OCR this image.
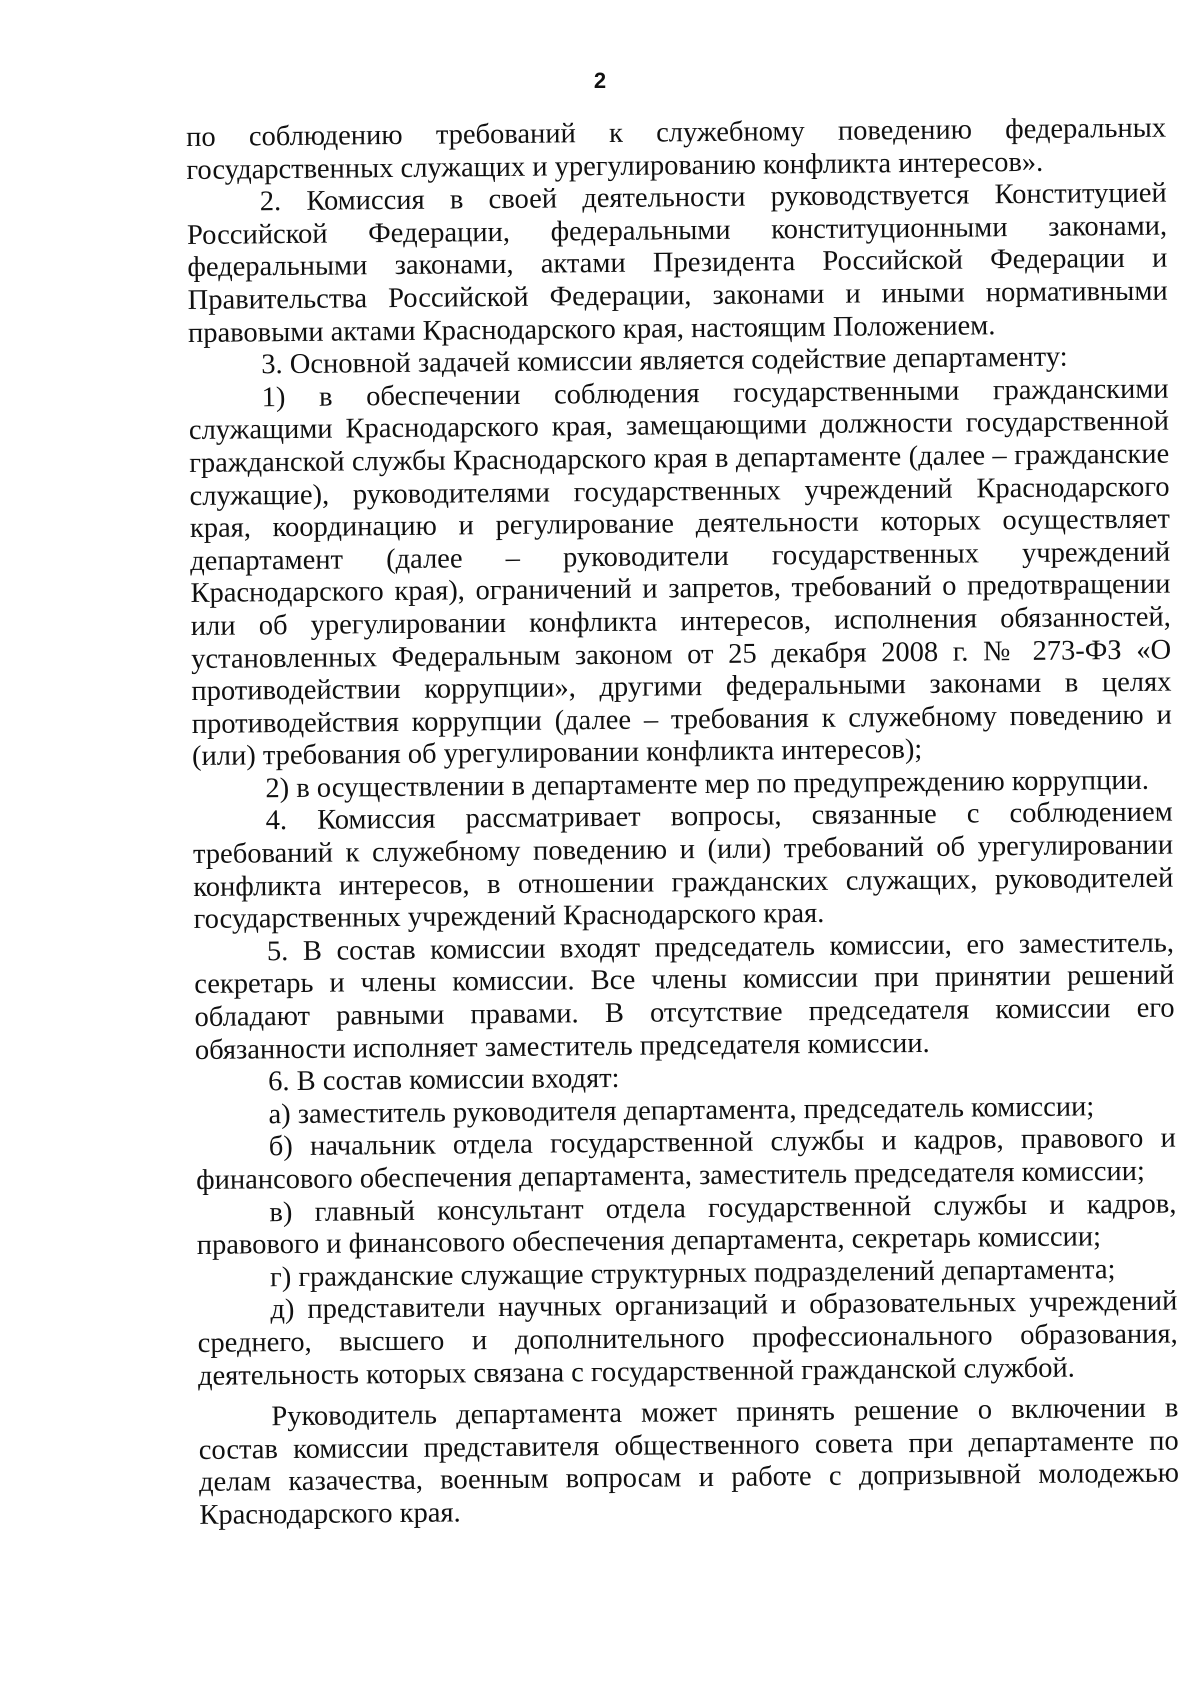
2

по соблюдению требований к служебному поведению федеральных государственных служащих и урегулированию конфликта интересов».

2. Комиссия в своей деятельности руководствуется Конституцией Российской Федерации, федеральными конституционными законами, федеральными законами, актами Президента Российской Федерации и Правительства Российской Федерации, законами и иными нормативными правовыми актами Краснодарского края, настоящим Положением.

3. Основной задачей комиссии является содействие департаменту:

1) в обеспечении соблюдения государственными гражданскими служащими Краснодарского края, замещающими должности государственной гражданской службы Краснодарского края в департаменте (далее – гражданские служащие), руководителями государственных учреждений Краснодарского края, координацию и регулирование деятельности которых осуществляет департамент (далее – руководители государственных учреждений Краснодарского края), ограничений и запретов, требований о предотвращении или об урегулировании конфликта интересов, исполнения обязанностей, установленных Федеральным законом от 25 декабря 2008 г. № 273-ФЗ «О противодействии коррупции», другими федеральными законами в целях противодействия коррупции (далее – требования к служебному поведению и (или) требования об урегулировании конфликта интересов);

2) в осуществлении в департаменте мер по предупреждению коррупции.

4. Комиссия рассматривает вопросы, связанные с соблюдением требований к служебному поведению и (или) требований об урегулировании конфликта интересов, в отношении гражданских служащих, руководителей государственных учреждений Краснодарского края.

5. В состав комиссии входят председатель комиссии, его заместитель, секретарь и члены комиссии. Все члены комиссии при принятии решений обладают равными правами. В отсутствие председателя комиссии его обязанности исполняет заместитель председателя комиссии.

6. В состав комиссии входят:

а) заместитель руководителя департамента, председатель комиссии;

б) начальник отдела государственной службы и кадров, правового и финансового обеспечения департамента, заместитель председателя комиссии;

в) главный консультант отдела государственной службы и кадров, правового и финансового обеспечения департамента, секретарь комиссии;

г) гражданские служащие структурных подразделений департамента;

д) представители научных организаций и образовательных учреждений среднего, высшего и дополнительного профессионального образования, деятельность которых связана с государственной гражданской службой.

Руководитель департамента может принять решение о включении в состав комиссии представителя общественного совета при департаменте по делам казачества, военным вопросам и работе с допризывной молодежью Краснодарского края.
